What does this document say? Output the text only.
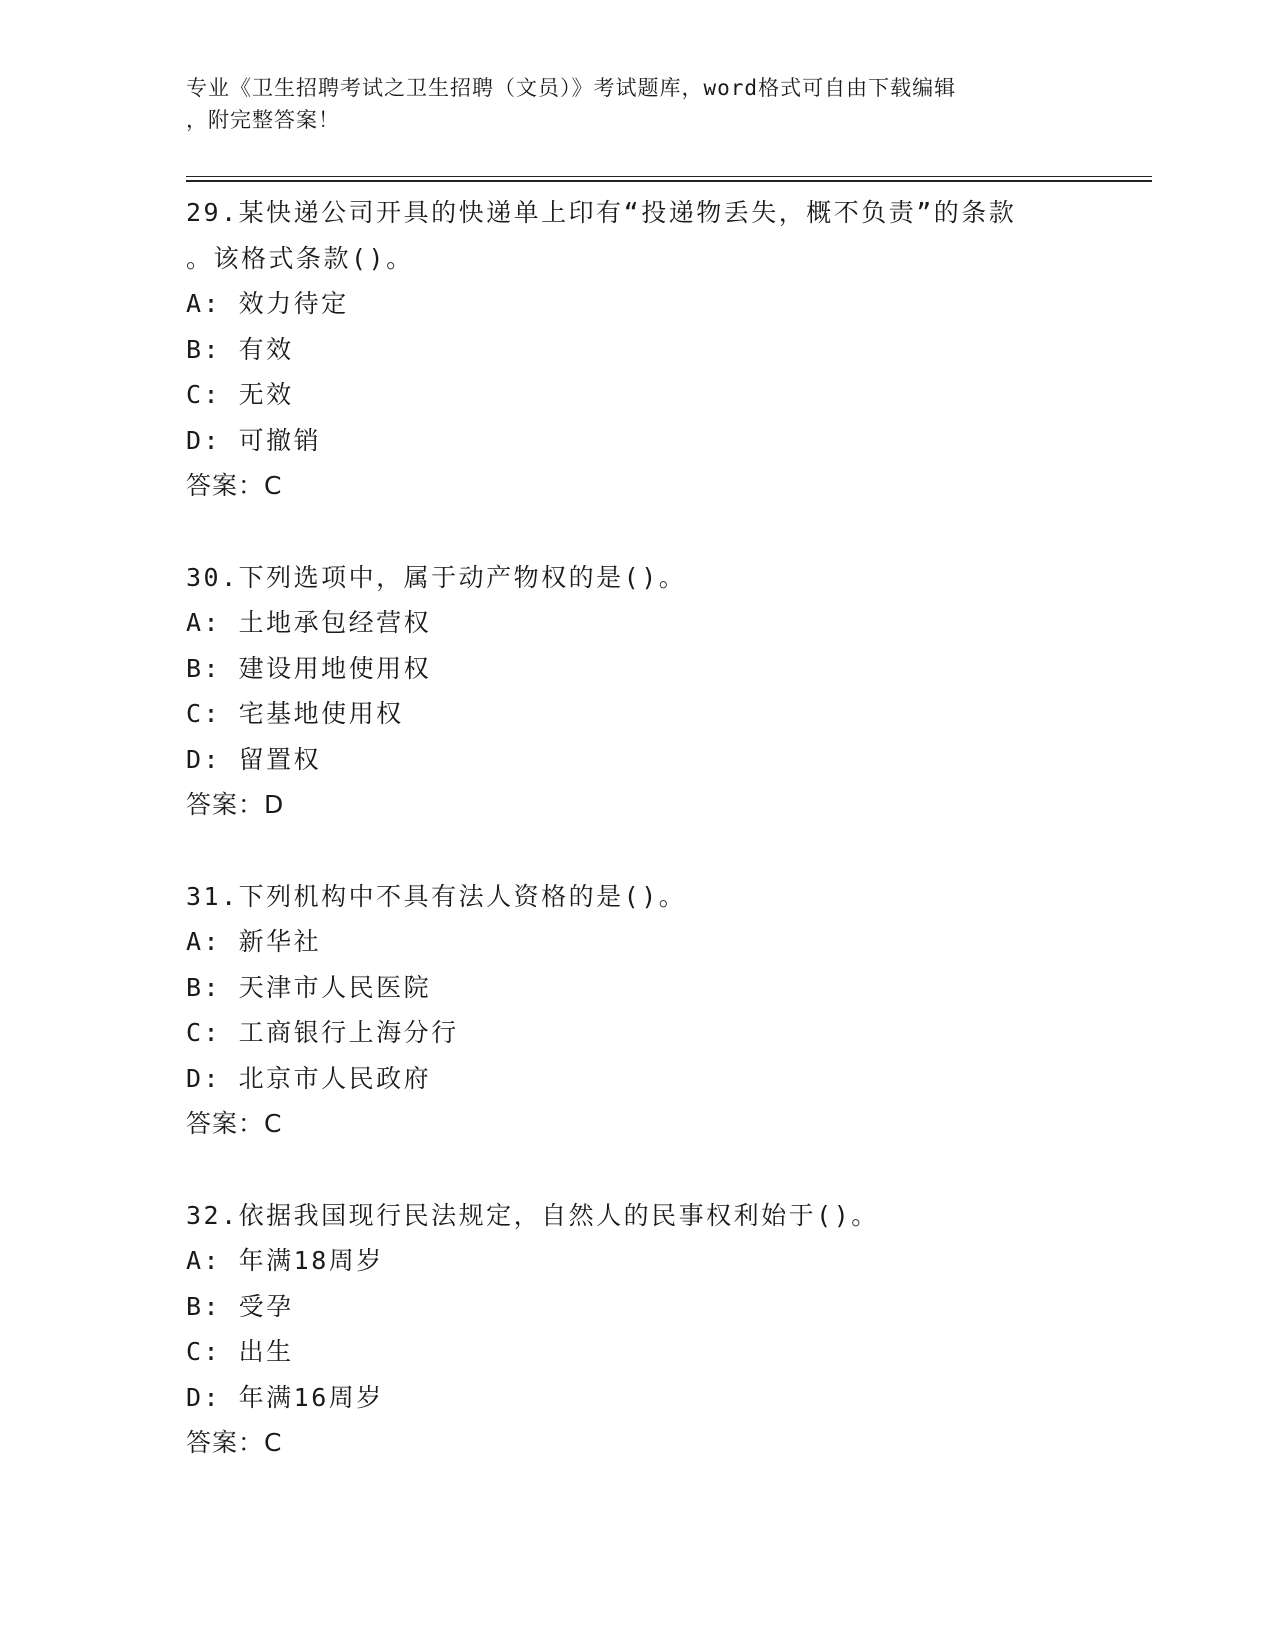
专业《卫生招聘考试之卫生招聘（文员）》考试题库，word格式可自由下载编辑
，附完整答案！
29.某快递公司开具的快递单上印有“投递物丢失，概不负责”的条款
。该格式条款()。
A: 效力待定
B: 有效
C: 无效
D: 可撤销
答案：C
30.下列选项中，属于动产物权的是()。
A: 土地承包经营权
B: 建设用地使用权
C: 宅基地使用权
D: 留置权
答案：D
31.下列机构中不具有法人资格的是()。
A: 新华社
B: 天津市人民医院
C: 工商银行上海分行
D: 北京市人民政府
答案：C
32.依据我国现行民法规定，自然人的民事权利始于()。
A: 年满18周岁
B: 受孕
C: 出生
D: 年满16周岁
答案：C
